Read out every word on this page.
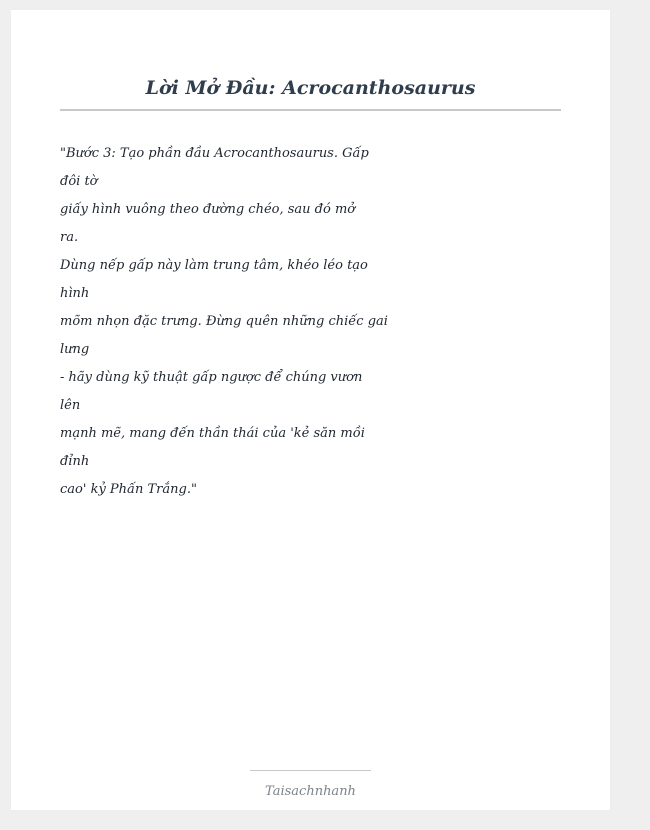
Lời Mở Đầu: Acrocanthosaurus
"Bước 3: Tạo phần đầu Acrocanthosaurus. Gấp
đôi tờ
giấy hình vuông theo đường chéo, sau đó mở
ra.
Dùng nếp gấp này làm trung tâm, khéo léo tạo
hình
mõm nhọn đặc trưng. Đừng quên những chiếc gai
lưng
- hãy dùng kỹ thuật gấp ngược để chúng vươn
lên
mạnh mẽ, mang đến thần thái của 'kẻ săn mồi
đỉnh
cao' kỷ Phấn Trắng."
Taisachnhanh
